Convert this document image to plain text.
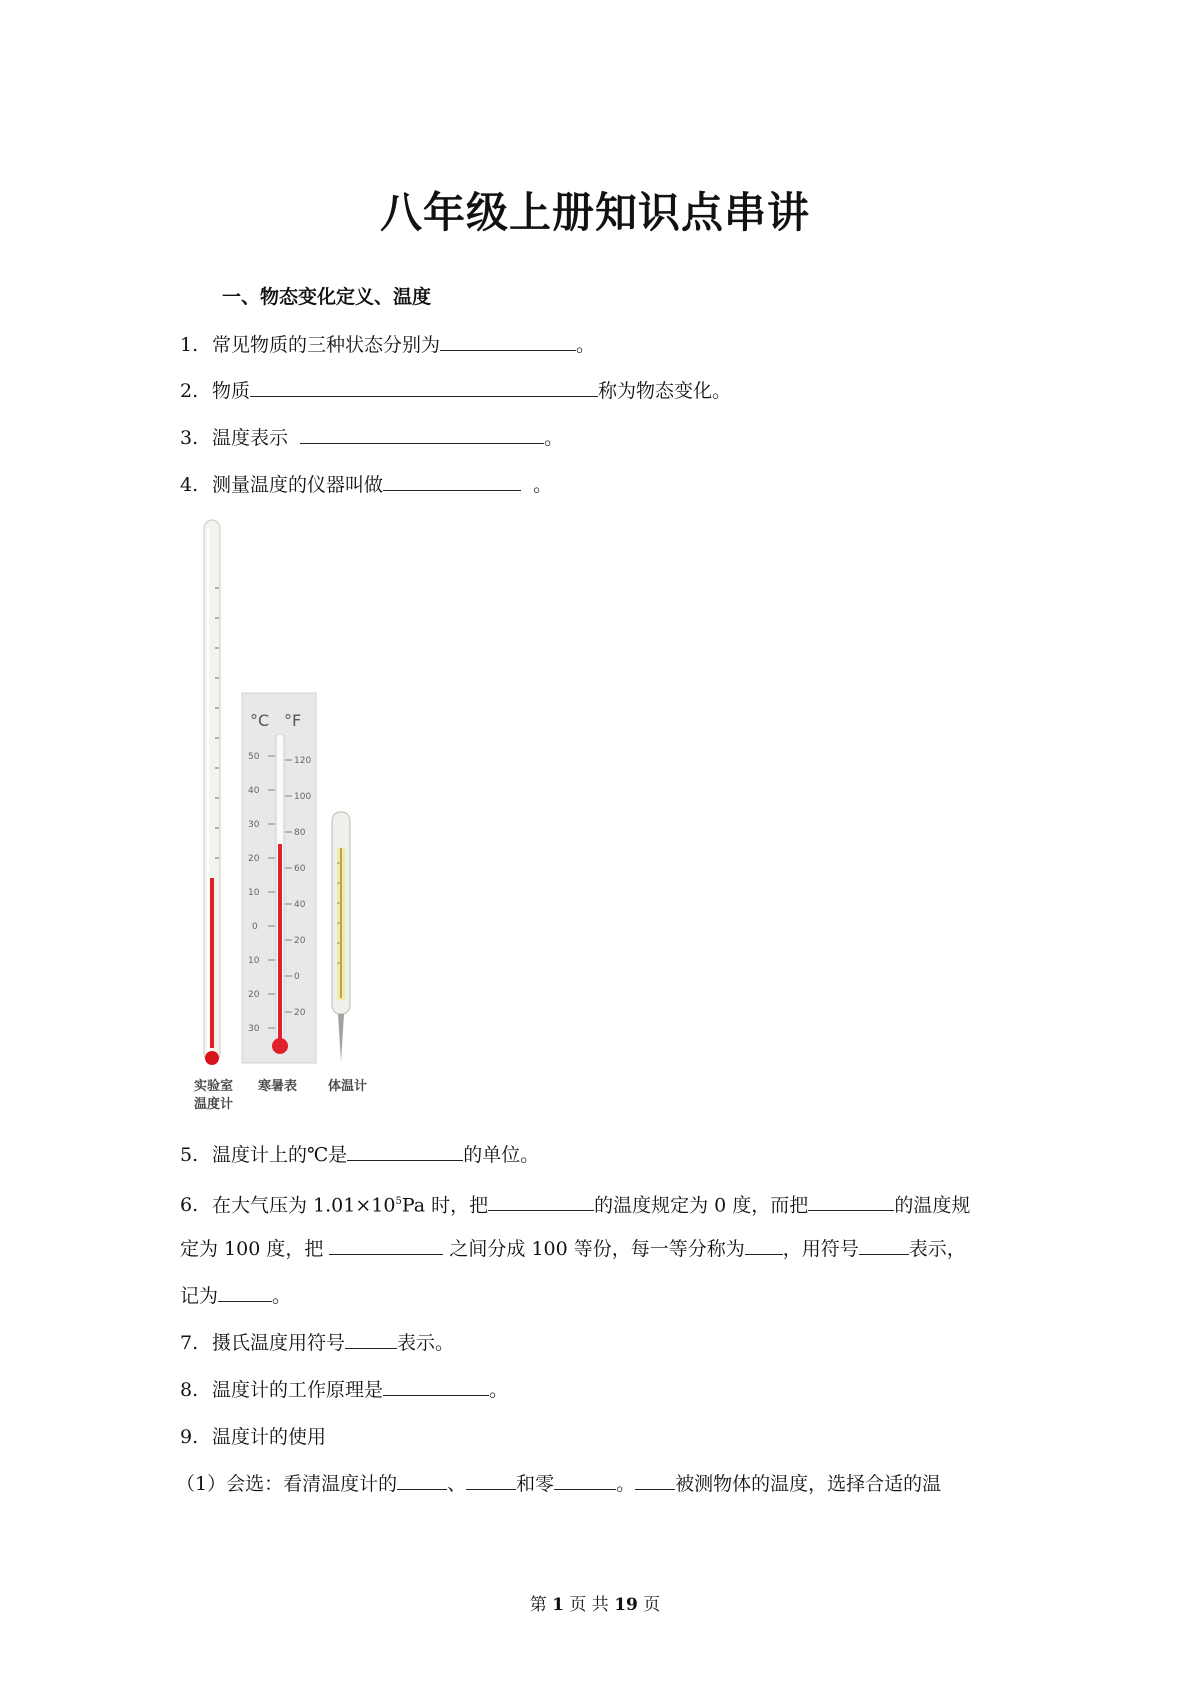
八年级上册知识点串讲
一、物态变化定义、温度
1. 常见物质的三种状态分别为	。
2. 物质	称为物态变化。
3. 温度表示	。
4. 测量温度的仪器叫做	。
°C °F
50
40
30
20
10
0
10
20
30
120
100
80
60
40
20
0
20
实验室
温度计
寒暑表 体温计
5. 温度计上的℃是	的单位。
6. 在大气压为 $1.01\times 10^5Pa$ 时，把	的温度规定为 0 度，而把	的温度规
定为 100 度，把	之间分成 100 等份，每一等分称为 ，用符号	表示，
记为	。
7. 摄氏温度用符号	表示。
8. 温度计的工作原理是	。
9. 温度计的使用
（1）会选：看清温度计的	、	和零	。 被测物体的温度，选择合适的温
第 1 页 共 19 页
